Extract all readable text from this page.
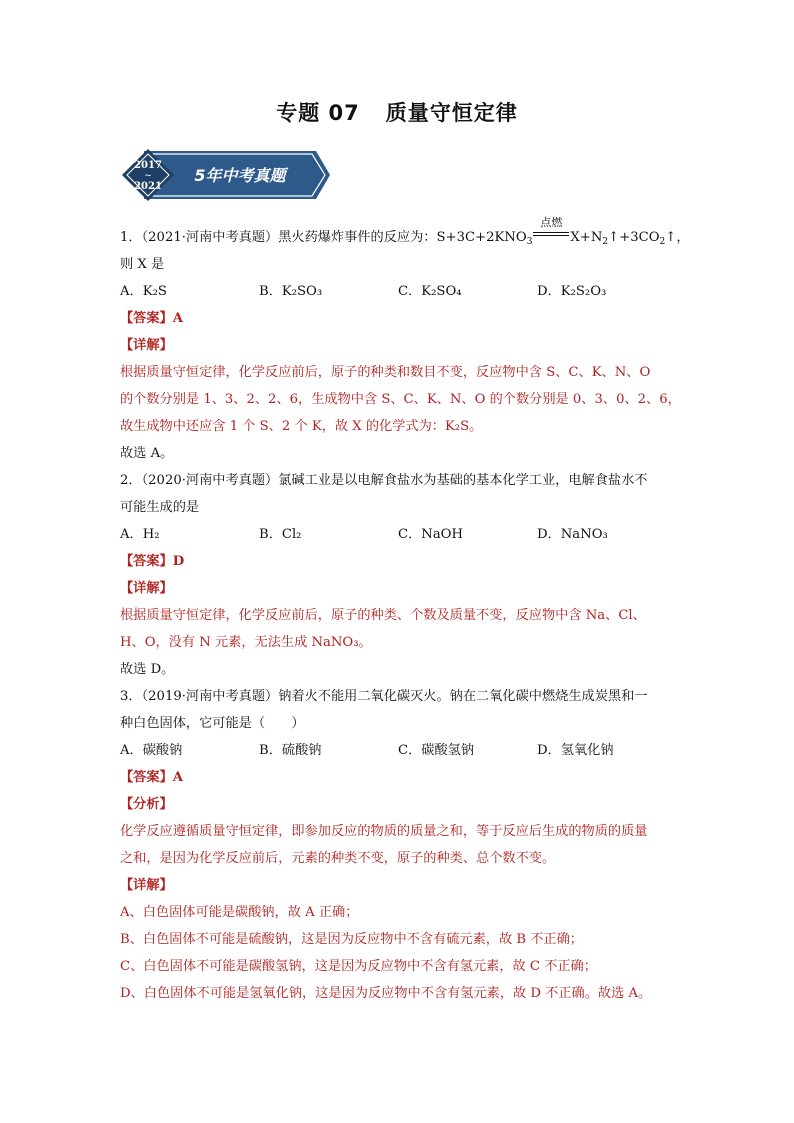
专题 07 质量守恒定律
2017
~
2021
5年中考真题
1．（2021·河南中考真题）黑火药爆炸事件的反应为：$S+3C+2KNO_3$
点燃
$X+N_2↑+3CO_2↑$，
则 X 是
A．K₂S	B．K₂SO₃	C．K₂SO₄	D．K₂S₂O₃
【答案】A
【详解】
根据质量守恒定律，化学反应前后，原子的种类和数目不变，反应物中含 S、C、K、N、O
的个数分别是 1、3、2、2、6，生成物中含 S、C、K、N、O 的个数分别是 0、3、0、2、6，
故生成物中还应含 1 个 S、2 个 K，故 X 的化学式为：K₂S。
故选 A。
2．（2020·河南中考真题）氯碱工业是以电解食盐水为基础的基本化学工业，电解食盐水不
可能生成的是
A．H₂	B．Cl₂	C．NaOH	D．NaNO₃
【答案】D
【详解】
根据质量守恒定律，化学反应前后，原子的种类、个数及质量不变，反应物中含 Na、Cl、
H、O，没有 N 元素，无法生成 NaNO₃。
故选 D。
3．（2019·河南中考真题）钠着火不能用二氧化碳灭火。钠在二氧化碳中燃烧生成炭黑和一
种白色固体，它可能是（　　）
A．碳酸钠	B．硫酸钠	C．碳酸氢钠	D．氢氧化钠
【答案】A
【分析】
化学反应遵循质量守恒定律，即参加反应的物质的质量之和，等于反应后生成的物质的质量
之和，是因为化学反应前后，元素的种类不变，原子的种类、总个数不变。
【详解】
A、白色固体可能是碳酸钠，故 A 正确；
B、白色固体不可能是硫酸钠，这是因为反应物中不含有硫元素，故 B 不正确；
C、白色固体不可能是碳酸氢钠，这是因为反应物中不含有氢元素，故 C 不正确；
D、白色固体不可能是氢氧化钠，这是因为反应物中不含有氢元素，故 D 不正确。故选 A。
